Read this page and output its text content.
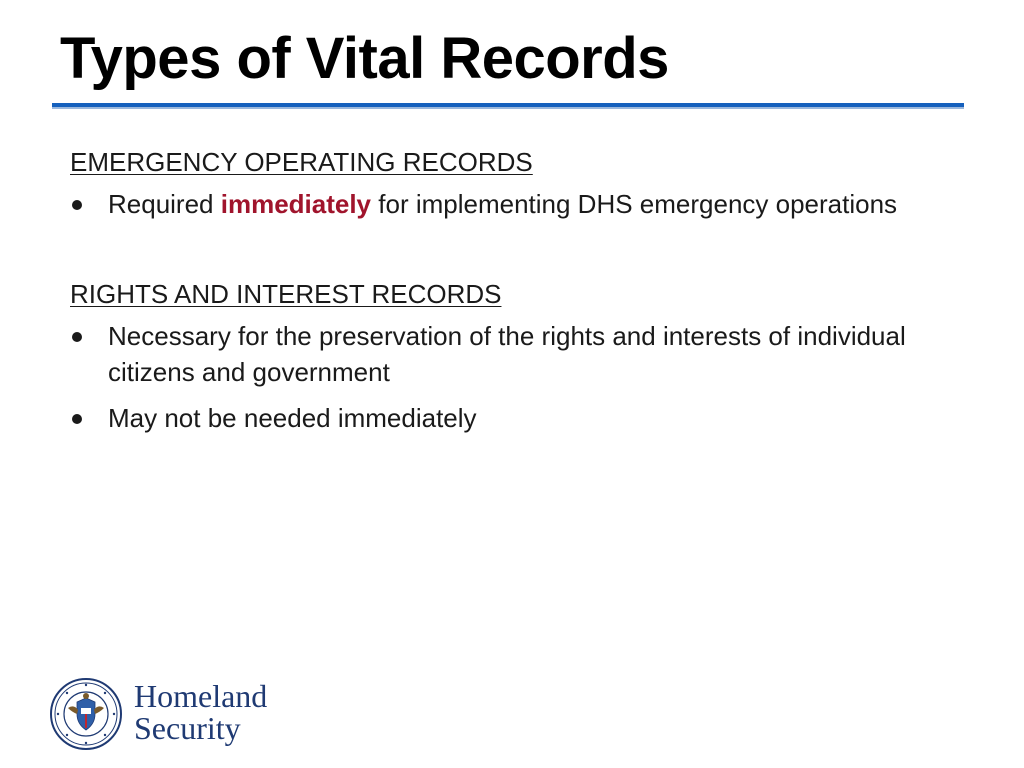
Types of Vital Records
EMERGENCY OPERATING RECORDS
Required immediately for implementing DHS emergency operations
RIGHTS AND INTEREST RECORDS
Necessary for the preservation of the rights and interests of individual citizens and government
May not be needed immediately
Homeland
Security
